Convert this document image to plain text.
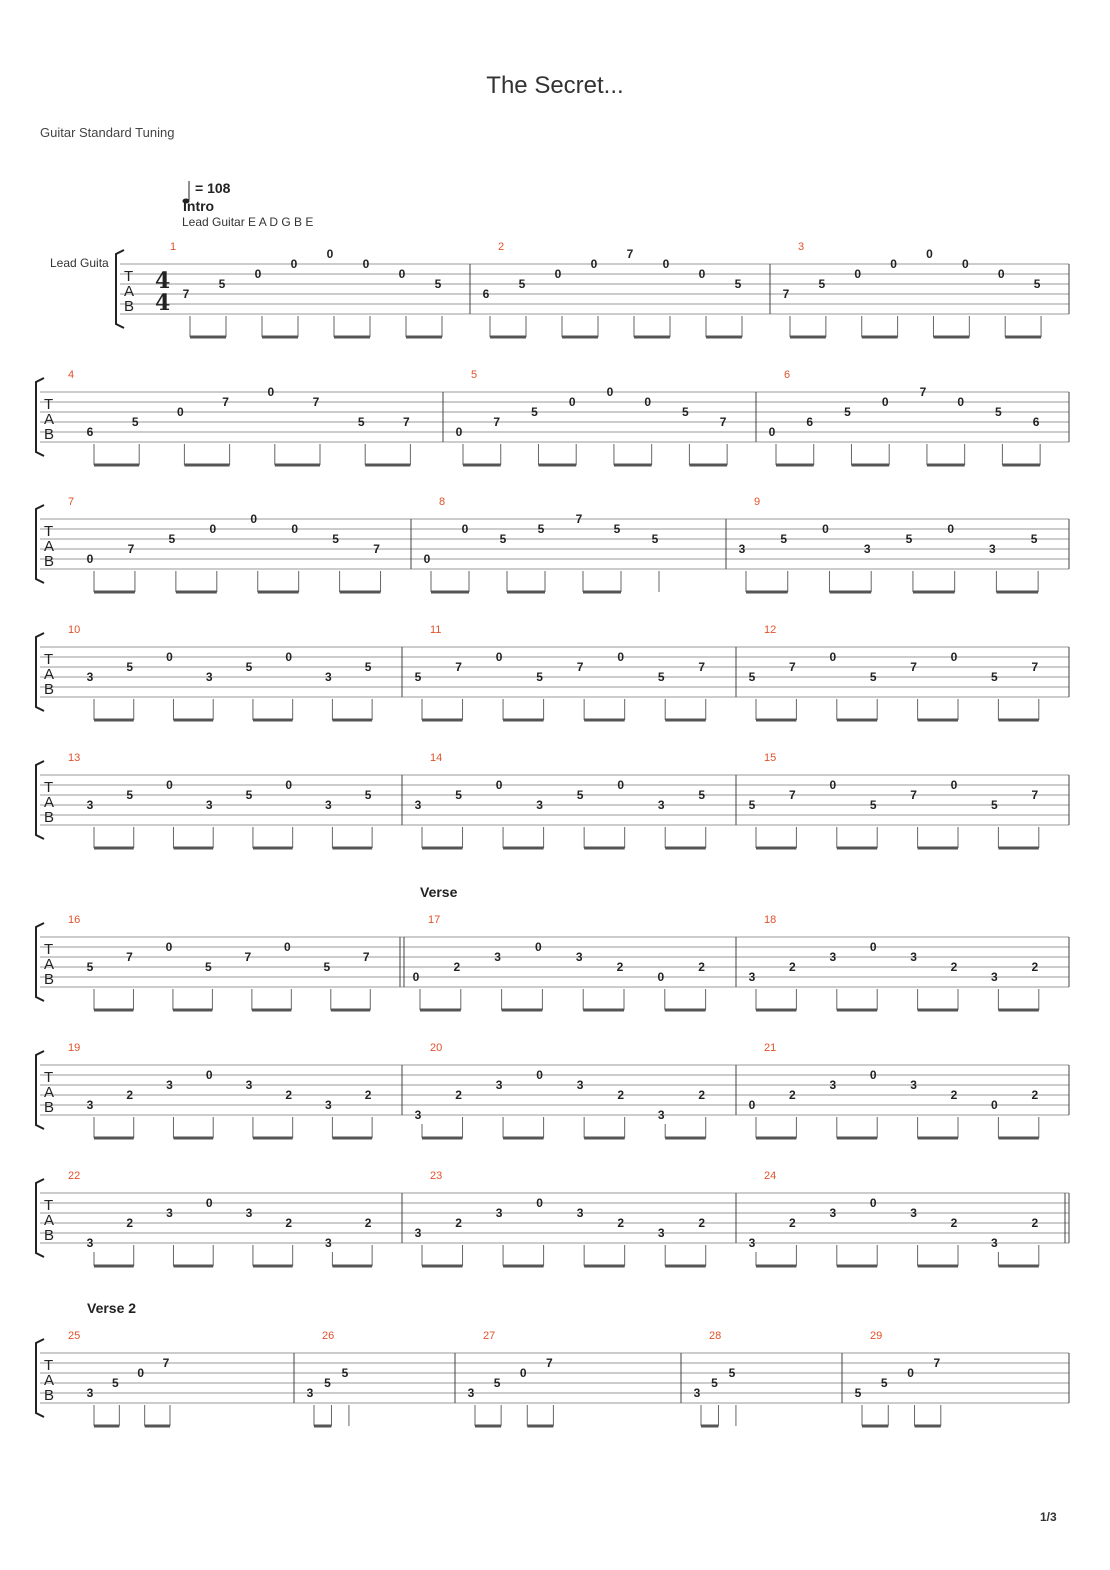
The Secret...
Guitar Standard Tuning
= 108
Intro
Lead Guitar E A D G B E
Lead Guita
T
A
B
4
4
1
7
5
0
0
0
0
0
5
2
6
5
0
0
7
0
0
5
3
7
5
0
0
0
0
0
5
T
A
B
4
6
5
0
7
0
7
5	7
5
0
7
5
0
0
0
5
7
6
0
6
5
0
7
0
5
6
T
A
B
7
0
7
5
0
0
0
5
7
8
0
0
5
5
7
5
5
9
3
5
0
3
5
0
3
5
T
A
B
10
3
5
0
3
5
0
3
5
11
5
7
0
5
7
0
5
7
12
5
7
0
5
7
0
5
7
T
A
B
13
3
5
0
3
5
0
3
5
14
3
5
0
3
5
0
3
5
15
5
7
0
5
7
0
5
7
T
A
B
Verse
16
5
7
0
5
7
0
5
7
17
0
2
3
0
3
2
0
2
18
3
2
3
0
3
2
3
2
T
A
B
19
3
2
3
0
3
2
3
2
20
3
2
3
0
3
2
3
2
21
0
2
3
0
3
2
0
2
T
A
B
22
3
2
3
0
3
2
3
2
23
3
2
3
0
3
2
3
2
24
3
2
3
0
3
2
3
2
T
A
B
Verse 2
25
3
5
0
7
26
3
5
5
27
3
5
0
7
28
3
5
5
29
5
5
0
7
1/3
